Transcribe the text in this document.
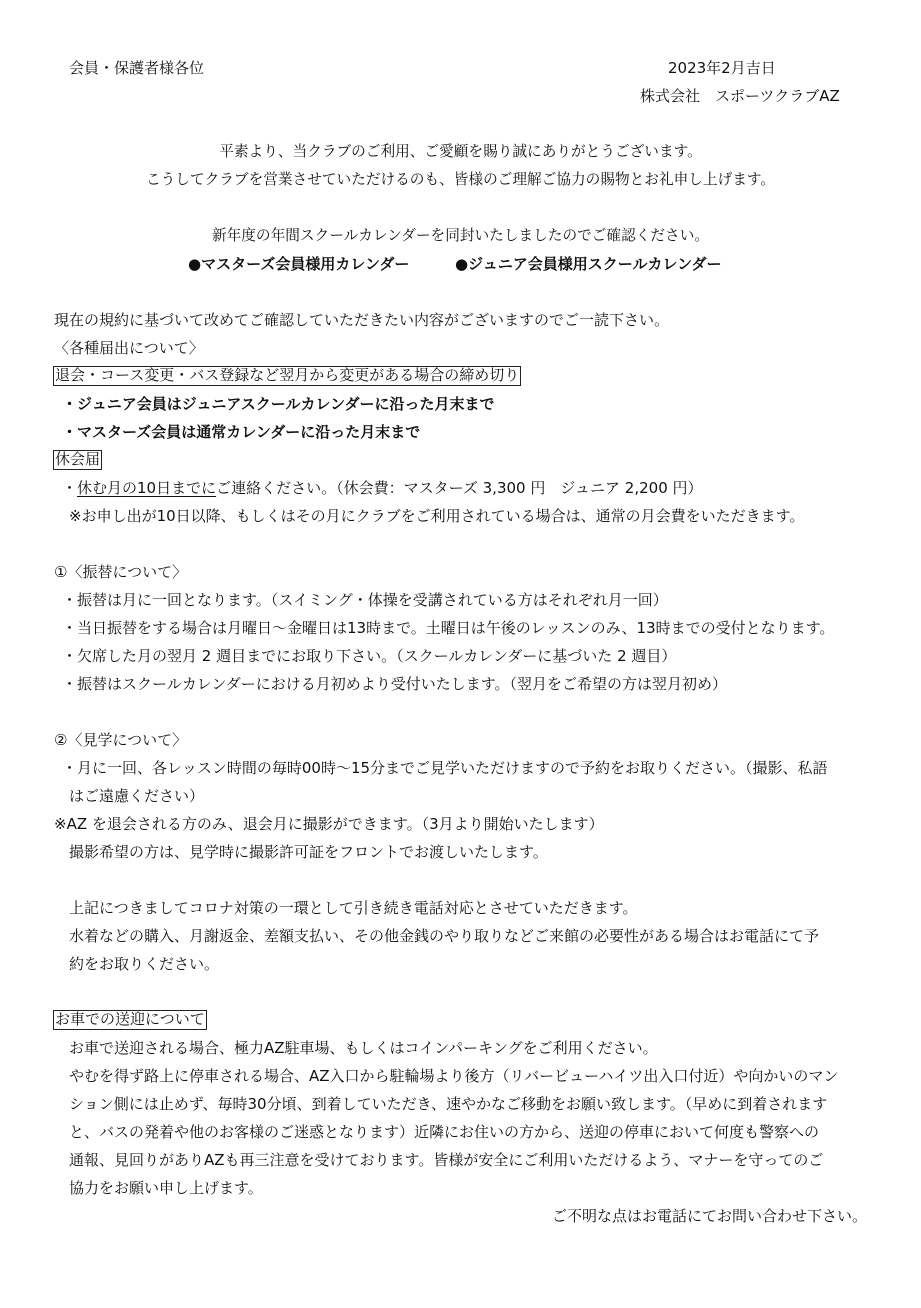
会員・保護者様各位	2023年2月吉日
株式会社　スポーツクラブAZ
平素より、当クラブのご利用、ご愛顧を賜り誠にありがとうございます。
こうしてクラブを営業させていただけるのも、皆様のご理解ご協力の賜物とお礼申し上げます。
新年度の年間スクールカレンダーを同封いたしましたのでご確認ください。
●マスターズ会員様用カレンダー	●ジュニア会員様用スクールカレンダー
現在の規約に基づいて改めてご確認していただきたい内容がございますのでご一読下さい。
〈各種届出について〉
退会・コース変更・バス登録など翌月から変更がある場合の締め切り
・ジュニア会員はジュニアスクールカレンダーに沿った月末まで
・マスターズ会員は通常カレンダーに沿った月末まで
休会届
・休む月の10日までにご連絡ください。（休会費：マスターズ 3,300 円　ジュニア 2,200 円）
※お申し出が10日以降、もしくはその月にクラブをご利用されている場合は、通常の月会費をいただきます。
①〈振替について〉
・振替は月に一回となります。（スイミング・体操を受講されている方はそれぞれ月一回）
・当日振替をする場合は月曜日～金曜日は13時まで。土曜日は午後のレッスンのみ、13時までの受付となります。
・欠席した月の翌月 2 週目までにお取り下さい。（スクールカレンダーに基づいた 2 週目）
・振替はスクールカレンダーにおける月初めより受付いたします。（翌月をご希望の方は翌月初め）
②〈見学について〉
・月に一回、各レッスン時間の毎時00時～15分までご見学いただけますので予約をお取りください。（撮影、私語
はご遠慮ください）
※AZ を退会される方のみ、退会月に撮影ができます。（3月より開始いたします）
撮影希望の方は、見学時に撮影許可証をフロントでお渡しいたします。
上記につきましてコロナ対策の一環として引き続き電話対応とさせていただきます。
水着などの購入、月謝返金、差額支払い、その他金銭のやり取りなどご来館の必要性がある場合はお電話にて予
約をお取りください。
お車での送迎について
お車で送迎される場合、極力AZ駐車場、もしくはコインパーキングをご利用ください。
やむを得ず路上に停車される場合、AZ入口から駐輪場より後方（リバービューハイツ出入口付近）や向かいのマン
ション側には止めず、毎時30分頃、到着していただき、速やかなご移動をお願い致します。（早めに到着されます
と、バスの発着や他のお客様のご迷惑となります）近隣にお住いの方から、送迎の停車において何度も警察への
通報、見回りがありAZも再三注意を受けております。皆様が安全にご利用いただけるよう、マナーを守ってのご
協力をお願い申し上げます。
ご不明な点はお電話にてお問い合わせ下さい。
